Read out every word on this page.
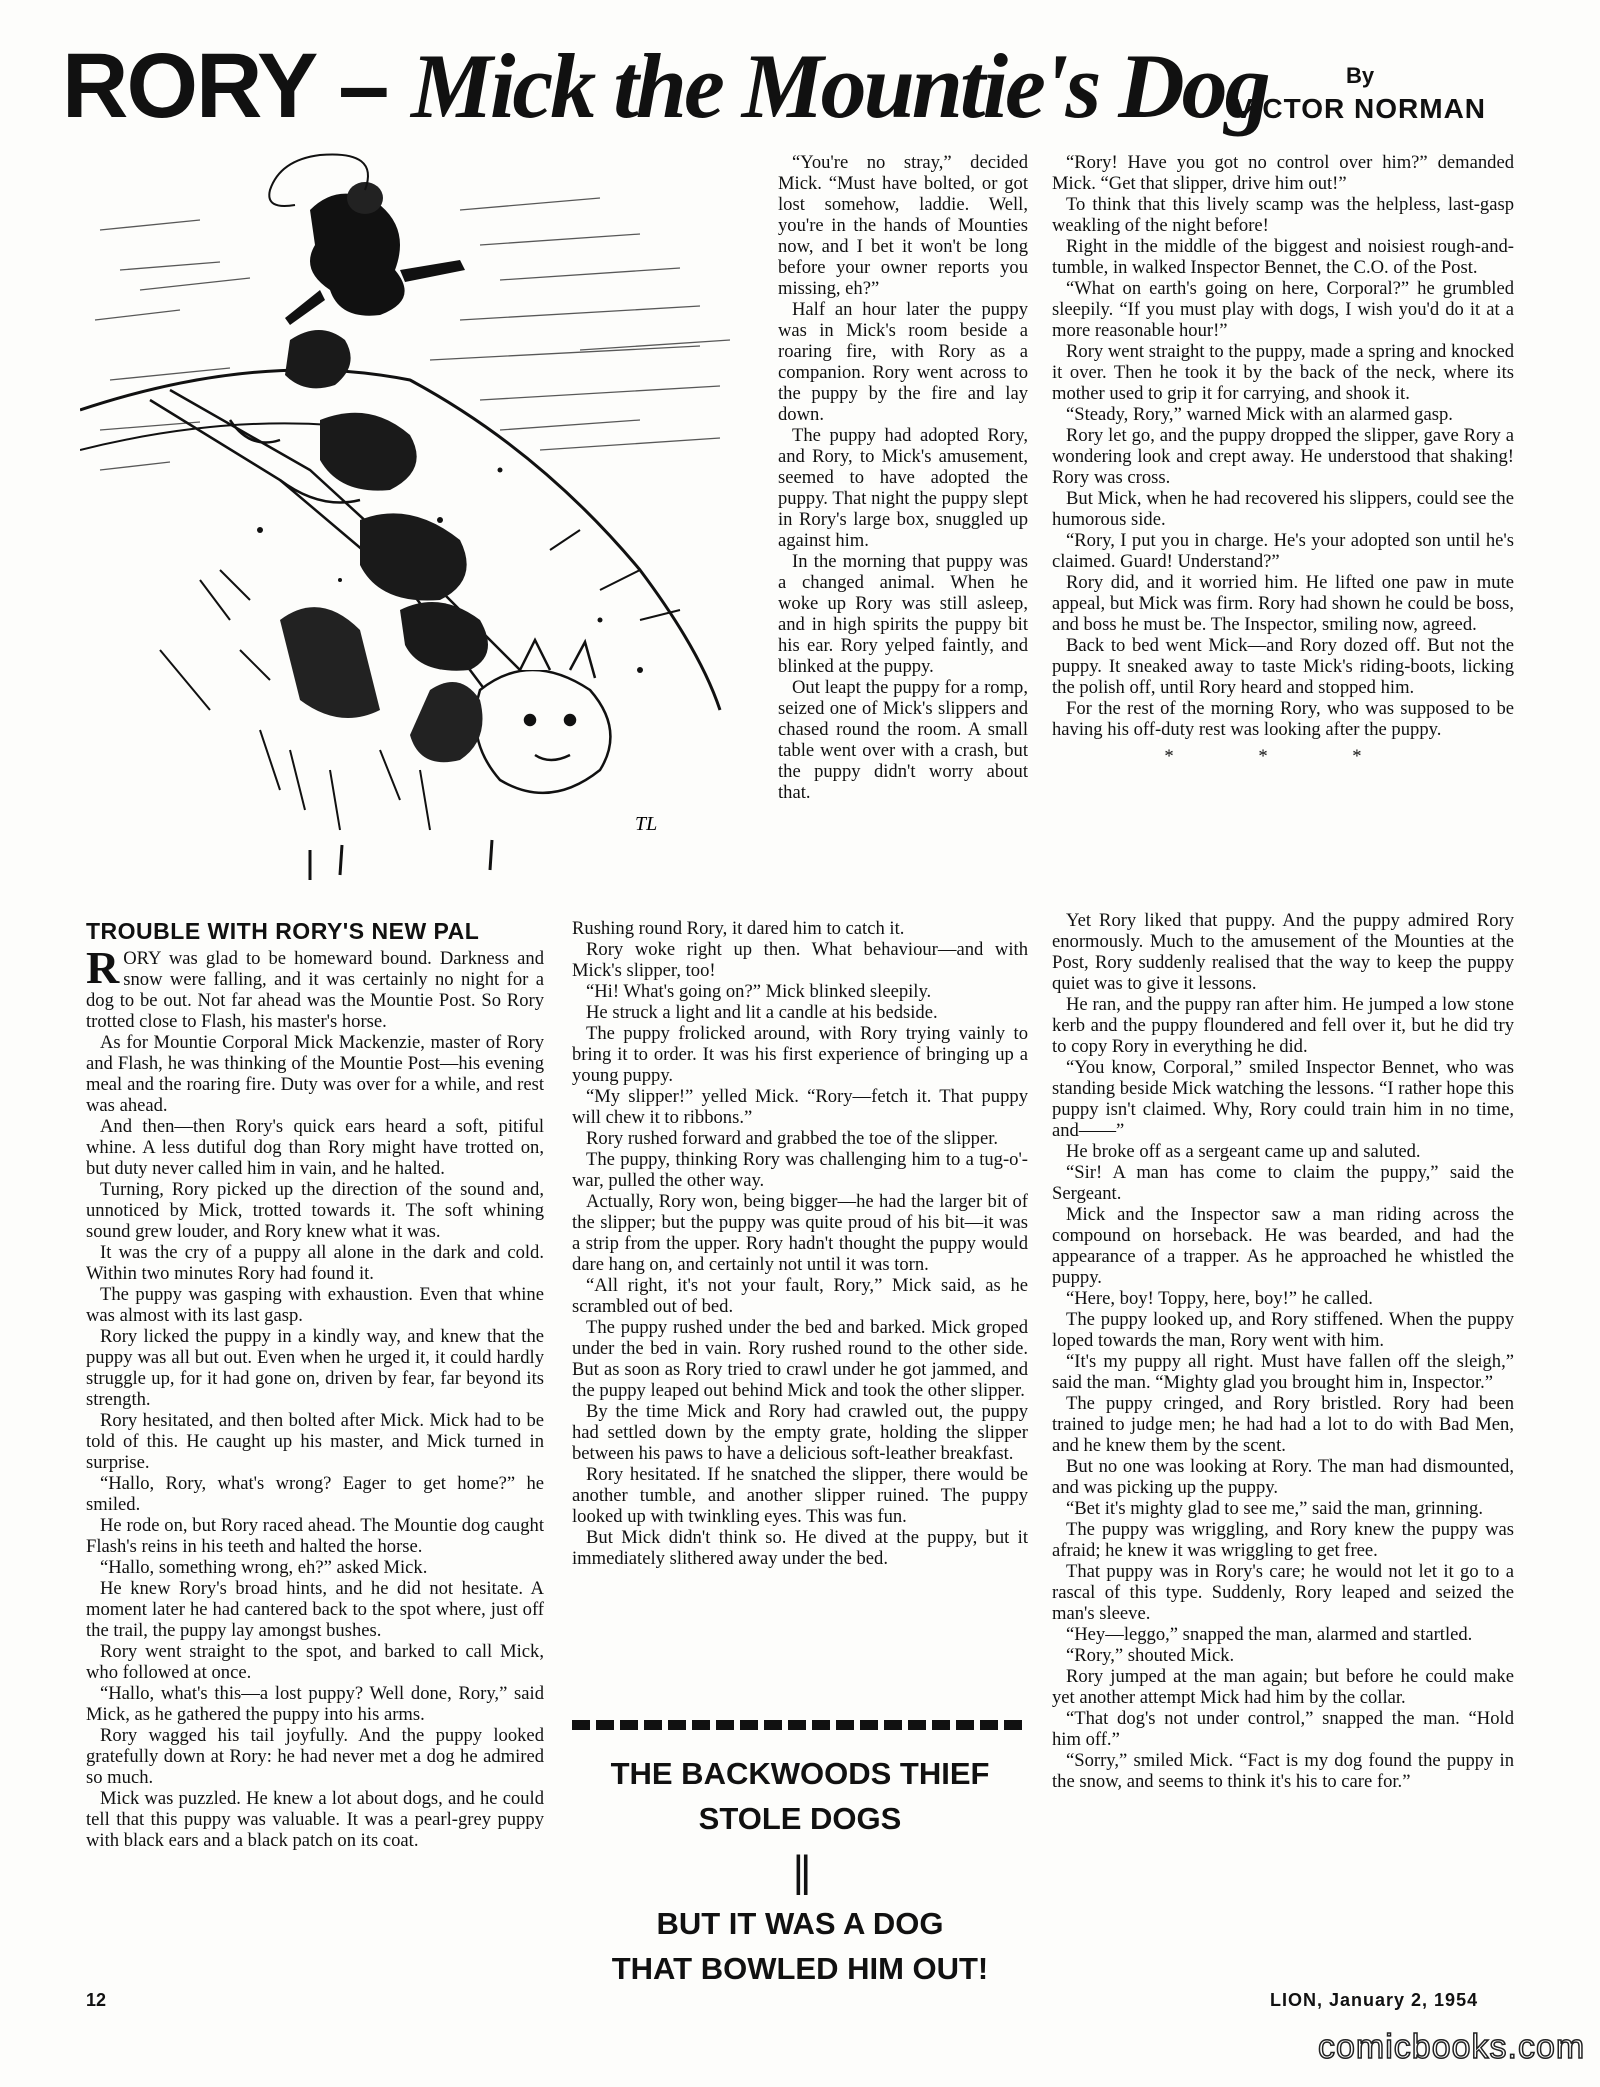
RORY – Mick the Mountie's Dog	By
VICTOR NORMAN
TL

“You're no stray,” decided Mick. “Must have bolted, or got lost somehow, laddie. Well, you're in the hands of Mounties now, and I bet it won't be long before your owner reports you missing, eh?”

Half an hour later the puppy was in Mick's room beside a roaring fire, with Rory as a companion. Rory went across to the puppy by the fire and lay down.

The puppy had adopted Rory, and Rory, to Mick's amusement, seemed to have adopted the puppy. That night the puppy slept in Rory's large box, snuggled up against him.

In the morning that puppy was a changed animal. When he woke up Rory was still asleep, and in high spirits the puppy bit his ear. Rory yelped faintly, and blinked at the puppy.

Out leapt the puppy for a romp, seized one of Mick's slippers and chased round the room. A small table went over with a crash, but the puppy didn't worry about that.

TROUBLE WITH RORY'S NEW PAL

RORY was glad to be homeward bound. Darkness and snow were falling, and it was certainly no night for a dog to be out. Not far ahead was the Mountie Post. So Rory trotted close to Flash, his master's horse.

As for Mountie Corporal Mick Mackenzie, master of Rory and Flash, he was thinking of the Mountie Post—his evening meal and the roaring fire. Duty was over for a while, and rest was ahead.

And then—then Rory's quick ears heard a soft, pitiful whine. A less dutiful dog than Rory might have trotted on, but duty never called him in vain, and he halted.

Turning, Rory picked up the direction of the sound and, unnoticed by Mick, trotted towards it. The soft whining sound grew louder, and Rory knew what it was.

It was the cry of a puppy all alone in the dark and cold. Within two minutes Rory had found it.

The puppy was gasping with exhaustion. Even that whine was almost with its last gasp.

Rory licked the puppy in a kindly way, and knew that the puppy was all but out. Even when he urged it, it could hardly struggle up, for it had gone on, driven by fear, far beyond its strength.

Rory hesitated, and then bolted after Mick. Mick had to be told of this. He caught up his master, and Mick turned in surprise.

“Hallo, Rory, what's wrong? Eager to get home?” he smiled.

He rode on, but Rory raced ahead. The Mountie dog caught Flash's reins in his teeth and halted the horse.

“Hallo, something wrong, eh?” asked Mick.

He knew Rory's broad hints, and he did not hesitate. A moment later he had cantered back to the spot where, just off the trail, the puppy lay amongst bushes.

Rory went straight to the spot, and barked to call Mick, who followed at once.

“Hallo, what's this—a lost puppy? Well done, Rory,” said Mick, as he gathered the puppy into his arms.

Rory wagged his tail joyfully. And the puppy looked gratefully down at Rory: he had never met a dog he admired so much.

Mick was puzzled. He knew a lot about dogs, and he could tell that this puppy was valuable. It was a pearl-grey puppy with black ears and a black patch on its coat.

Rushing round Rory, it dared him to catch it.

Rory woke right up then. What behaviour—and with Mick's slipper, too!

“Hi! What's going on?” Mick blinked sleepily.

He struck a light and lit a candle at his bedside.

The puppy frolicked around, with Rory trying vainly to bring it to order. It was his first experience of bringing up a young puppy.

“My slipper!” yelled Mick. “Rory—fetch it. That puppy will chew it to ribbons.”

Rory rushed forward and grabbed the toe of the slipper.

The puppy, thinking Rory was challenging him to a tug-o'-war, pulled the other way.

Actually, Rory won, being bigger—he had the larger bit of the slipper; but the puppy was quite proud of his bit—it was a strip from the upper. Rory hadn't thought the puppy would dare hang on, and certainly not until it was torn.

“All right, it's not your fault, Rory,” Mick said, as he scrambled out of bed.

The puppy rushed under the bed and barked. Mick groped under the bed in vain. Rory rushed round to the other side. But as soon as Rory tried to crawl under he got jammed, and the puppy leaped out behind Mick and took the other slipper.

By the time Mick and Rory had crawled out, the puppy had settled down by the empty grate, holding the slipper between his paws to have a delicious soft-leather breakfast.

Rory hesitated. If he snatched the slipper, there would be another tumble, and another slipper ruined. The puppy looked up with twinkling eyes. This was fun.

But Mick didn't think so. He dived at the puppy, but it immediately slithered away under the bed.

THE BACKWOODS THIEF
STOLE DOGS
||
BUT IT WAS A DOG
THAT BOWLED HIM OUT!

“Rory! Have you got no control over him?” demanded Mick. “Get that slipper, drive him out!”

To think that this lively scamp was the helpless, last-gasp weakling of the night before!

Right in the middle of the biggest and noisiest rough-and-tumble, in walked Inspector Bennet, the C.O. of the Post.

“What on earth's going on here, Corporal?” he grumbled sleepily. “If you must play with dogs, I wish you'd do it at a more reasonable hour!”

Rory went straight to the puppy, made a spring and knocked it over. Then he took it by the back of the neck, where its mother used to grip it for carrying, and shook it.

“Steady, Rory,” warned Mick with an alarmed gasp.

Rory let go, and the puppy dropped the slipper, gave Rory a wondering look and crept away. He understood that shaking! Rory was cross.

But Mick, when he had recovered his slippers, could see the humorous side.

“Rory, I put you in charge. He's your adopted son until he's claimed. Guard! Understand?”

Rory did, and it worried him. He lifted one paw in mute appeal, but Mick was firm. Rory had shown he could be boss, and boss he must be. The Inspector, smiling now, agreed.

Back to bed went Mick—and Rory dozed off. But not the puppy. It sneaked away to taste Mick's riding-boots, licking the polish off, until Rory heard and stopped him.

For the rest of the morning Rory, who was supposed to be having his off-duty rest was looking after the puppy.

* * *

Yet Rory liked that puppy. And the puppy admired Rory enormously. Much to the amusement of the Mounties at the Post, Rory suddenly realised that the way to keep the puppy quiet was to give it lessons.

He ran, and the puppy ran after him. He jumped a low stone kerb and the puppy floundered and fell over it, but he did try to copy Rory in everything he did.

“You know, Corporal,” smiled Inspector Bennet, who was standing beside Mick watching the lessons. “I rather hope this puppy isn't claimed. Why, Rory could train him in no time, and——”

He broke off as a sergeant came up and saluted.

“Sir! A man has come to claim the puppy,” said the Sergeant.

Mick and the Inspector saw a man riding across the compound on horseback. He was bearded, and had the appearance of a trapper. As he approached he whistled the puppy.

“Here, boy! Toppy, here, boy!” he called.

The puppy looked up, and Rory stiffened. When the puppy loped towards the man, Rory went with him.

“It's my puppy all right. Must have fallen off the sleigh,” said the man. “Mighty glad you brought him in, Inspector.”

The puppy cringed, and Rory bristled. Rory had been trained to judge men; he had had a lot to do with Bad Men, and he knew them by the scent.

But no one was looking at Rory. The man had dismounted, and was picking up the puppy.

“Bet it's mighty glad to see me,” said the man, grinning.

The puppy was wriggling, and Rory knew the puppy was afraid; he knew it was wriggling to get free.

That puppy was in Rory's care; he would not let it go to a rascal of this type. Suddenly, Rory leaped and seized the man's sleeve.

“Hey—leggo,” snapped the man, alarmed and startled.

“Rory,” shouted Mick.

Rory jumped at the man again; but before he could make yet another attempt Mick had him by the collar.

“That dog's not under control,” snapped the man. “Hold him off.”

“Sorry,” smiled Mick. “Fact is my dog found the puppy in the snow, and seems to think it's his to care for.”

12	LION, January 2, 1954
comicbooks.com
